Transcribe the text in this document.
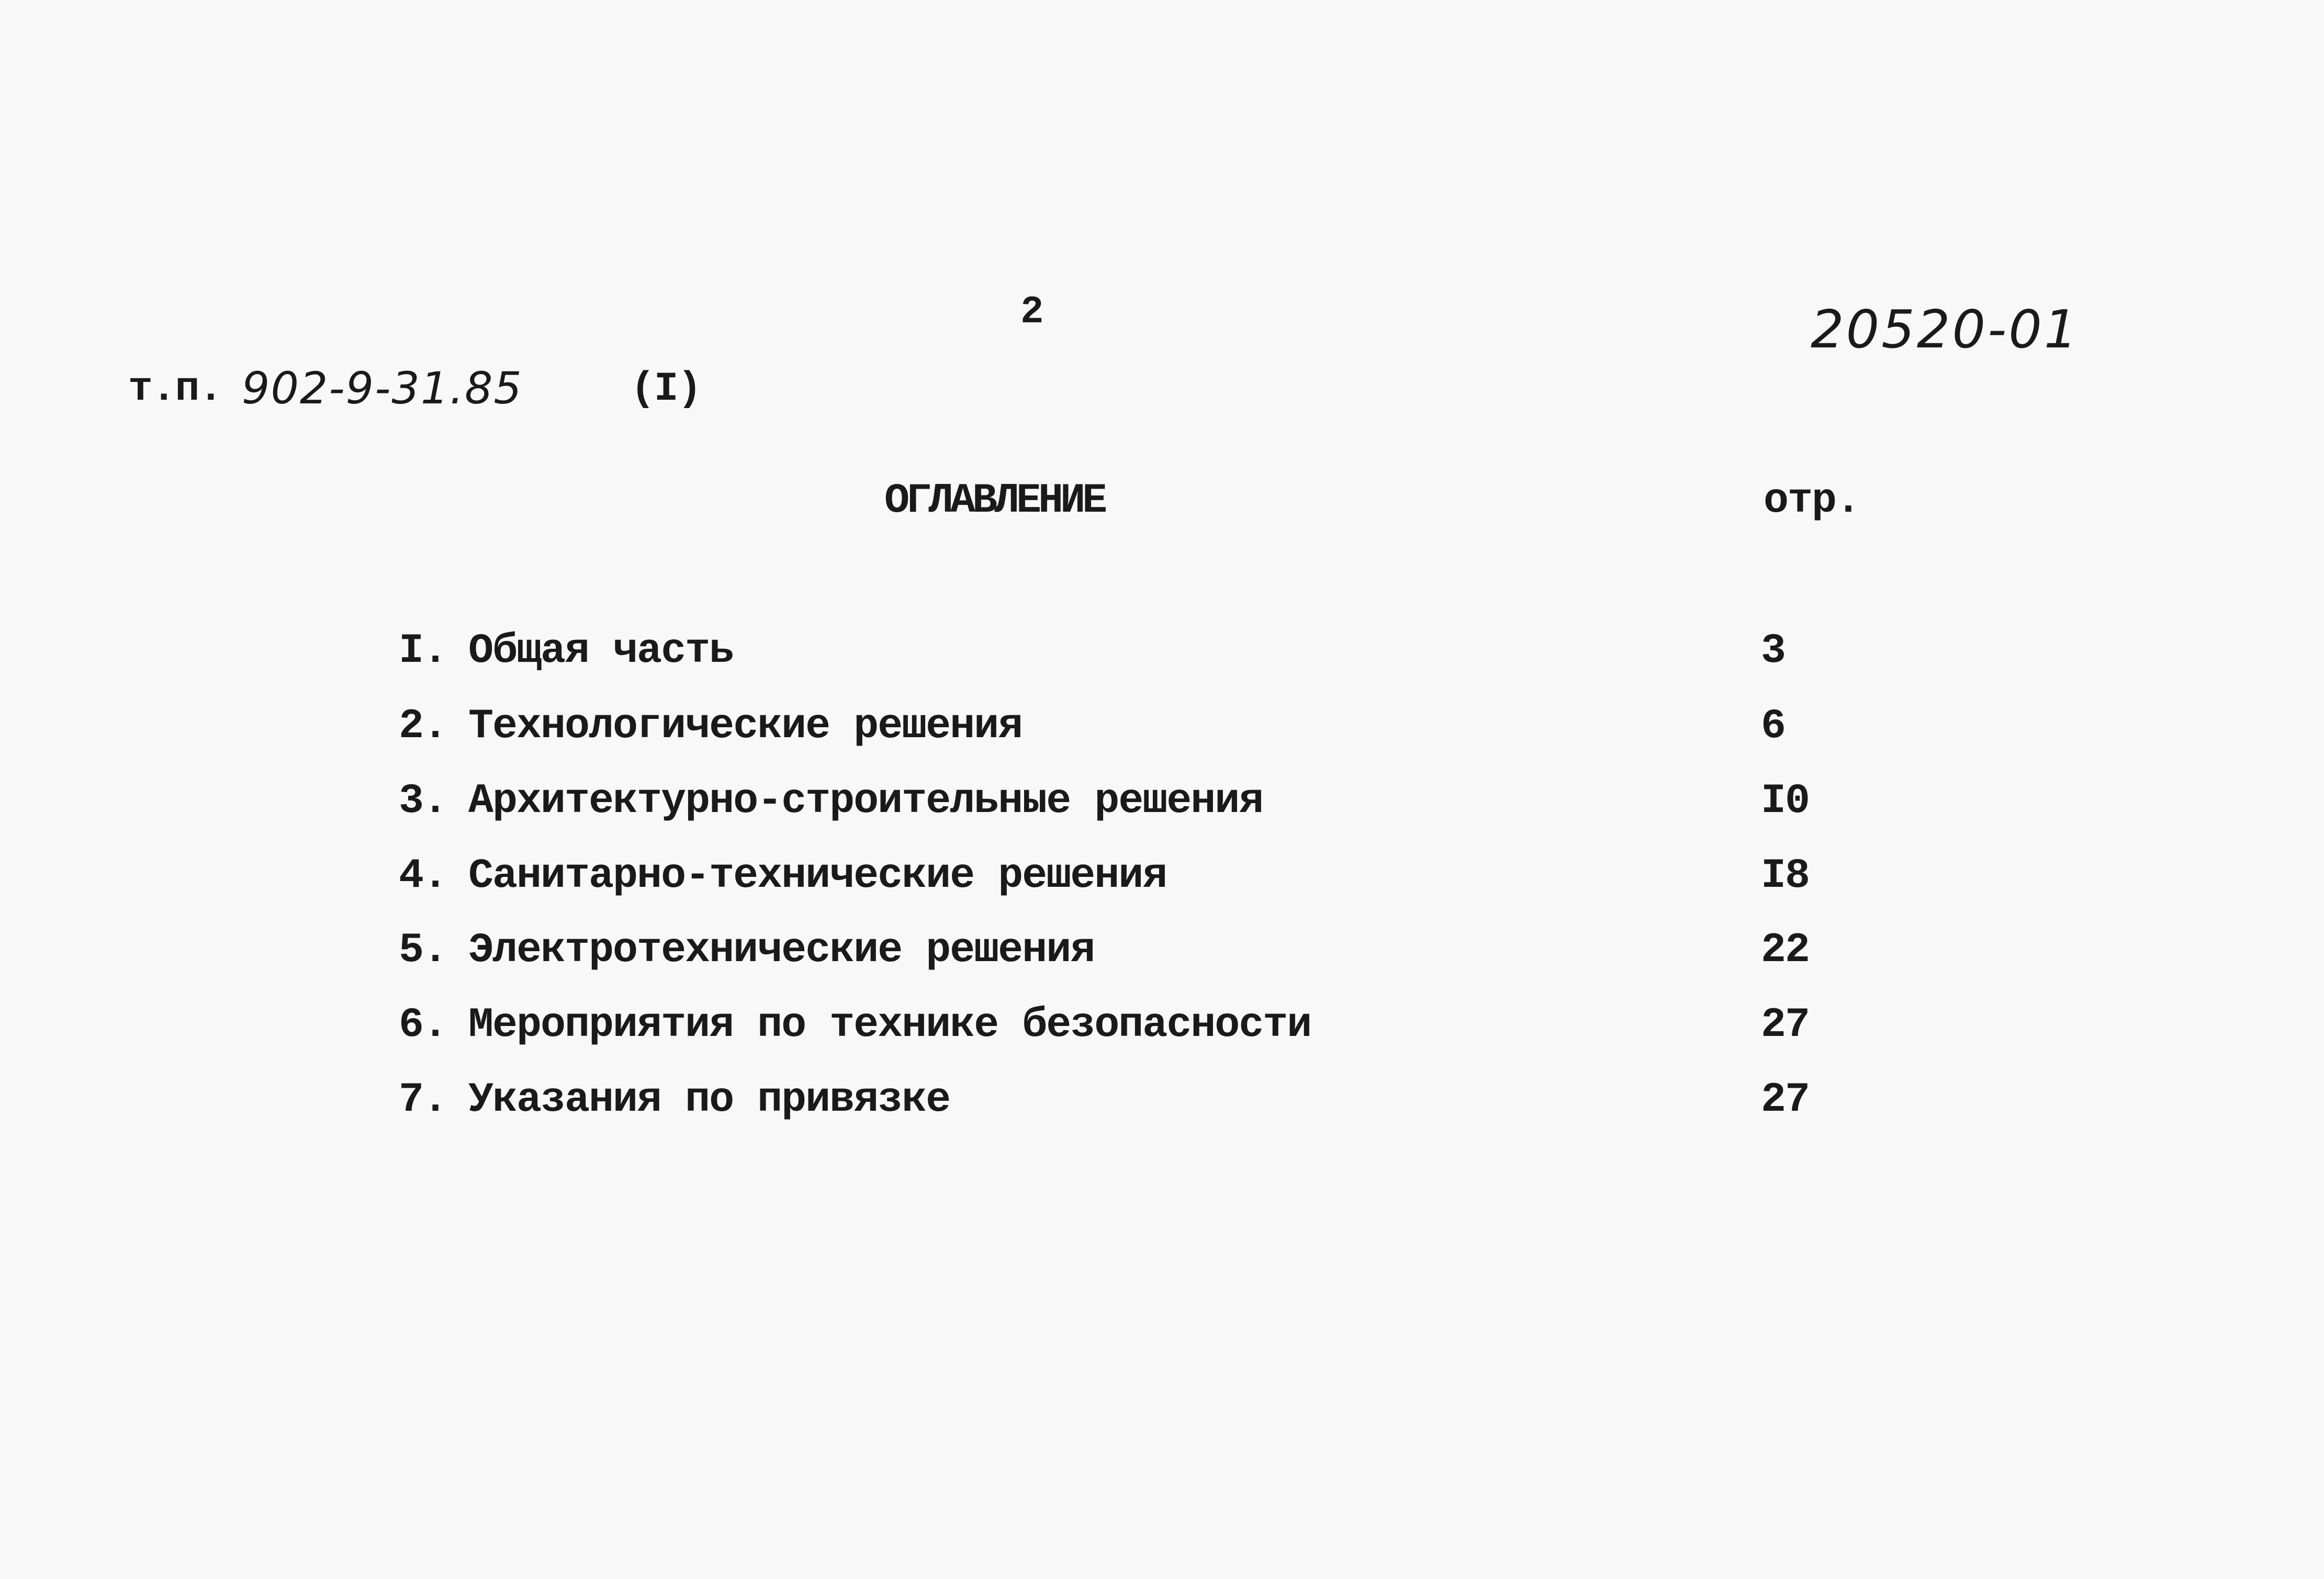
2	20520-01
т.п. 902-9-31.85	(I)
ОГЛАВЛЕНИЕ	отр.
I. Общая часть	3
2. Технологические решения	6
3. Архитектурно-строительные решения	I0
4. Санитарно-технические решения	I8
5. Электротехнические решения	22
6. Мероприятия по технике безопасности	27
7. Указания по привязке	27
